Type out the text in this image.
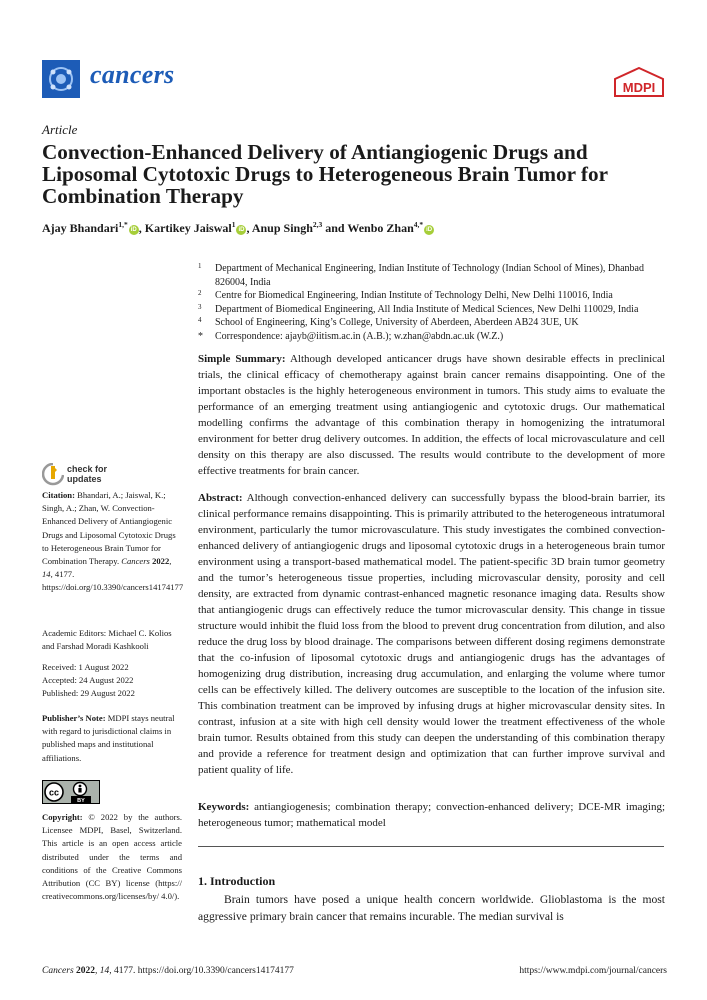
cancers	MDPI
Article
Convection-Enhanced Delivery of Antiangiogenic Drugs and Liposomal Cytotoxic Drugs to Heterogeneous Brain Tumor for Combination Therapy
Ajay Bhandari$^{1,*}$iD , Kartikey Jaiswal$^1$iD , Anup Singh$^{2,3}$ and Wenbo Zhan$^{4,*}$iD
1 Department of Mechanical Engineering, Indian Institute of Technology (Indian School of Mines), Dhanbad 826004, India
2 Centre for Biomedical Engineering, Indian Institute of Technology Delhi, New Delhi 110016, India
3 Department of Biomedical Engineering, All India Institute of Medical Sciences, New Delhi 110029, India
4 School of Engineering, King’s College, University of Aberdeen, Aberdeen AB24 3UE, UK
* Correspondence: ajayb@iitism.ac.in (A.B.); w.zhan@abdn.ac.uk (W.Z.)
Simple Summary: Although developed anticancer drugs have shown desirable effects in preclinical trials, the clinical efficacy of chemotherapy against brain cancer remains disappointing. One of the important obstacles is the highly heterogeneous environment in tumors. This study aims to evaluate the performance of an emerging treatment using antiangiogenic and cytotoxic drugs. Our mathematical modelling confirms the advantage of this combination therapy in homogenizing the intratumoral environment for better drug delivery outcomes. In addition, the effects of local microvasculature and cell density on this therapy are also discussed. The results would contribute to the development of more effective treatments for brain cancer.
Abstract: Although convection-enhanced delivery can successfully bypass the blood-brain barrier, its clinical performance remains disappointing. This is primarily attributed to the heterogeneous intratumoral environment, particularly the tumor microvasculature. This study investigates the combined convection-enhanced delivery of antiangiogenic drugs and liposomal cytotoxic drugs in a heterogeneous brain tumor environment using a transport-based mathematical model. The patient-specific 3D brain tumor geometry and the tumor’s heterogeneous tissue properties, including microvascular density, porosity and cell density, are extracted from dynamic contrast-enhanced magnetic resonance imaging data. Results show that antiangiogenic drugs can effectively reduce the tumor microvascular density. This change in tissue structure would inhibit the fluid loss from the blood to prevent drug concentration from dilution, and also reduce the drug loss by blood drainage. The comparisons between different dosing regimens demonstrate that the co-infusion of liposomal cytotoxic drugs and antiangiogenic drugs has the advantages of homogenizing drug distribution, increasing drug accumulation, and enlarging the volume where tumor cells can be effectively killed. The delivery outcomes are susceptible to the location of the infusion site. This combination treatment can be improved by infusing drugs at higher microvascular density sites. In contrast, infusion at a site with high cell density would lower the treatment effectiveness of the whole brain tumor. Results obtained from this study can deepen the understanding of this combination therapy and provide a reference for treatment design and optimization that can further improve survival and patient quality of life.
Keywords: antiangiogenesis; combination therapy; convection-enhanced delivery; DCE-MR imaging; heterogeneous tumor; mathematical model
1. Introduction
Brain tumors have posed a unique health concern worldwide. Glioblastoma is the most aggressive primary brain cancer that remains incurable. The median survival is
check for
updates
Citation: Bhandari, A.; Jaiswal, K.; Singh, A.; Zhan, W. Convection-Enhanced Delivery of Antiangiogenic Drugs and Liposomal Cytotoxic Drugs to Heterogeneous Brain Tumor for Combination Therapy. Cancers 2022, 14, 4177. https://doi.org/10.3390/cancers14174177
Academic Editors: Michael C. Kolios and Farshad Moradi Kashkooli
Received: 1 August 2022
Accepted: 24 August 2022
Published: 29 August 2022
Publisher’s Note: MDPI stays neutral with regard to jurisdictional claims in published maps and institutional affiliations.
cc
BY
Copyright: © 2022 by the authors. Licensee MDPI, Basel, Switzerland. This article is an open access article distributed under the terms and conditions of the Creative Commons Attribution (CC BY) license (https:// creativecommons.org/licenses/by/ 4.0/).
Cancers 2022, 14, 4177. https://doi.org/10.3390/cancers14174177	https://www.mdpi.com/journal/cancers
